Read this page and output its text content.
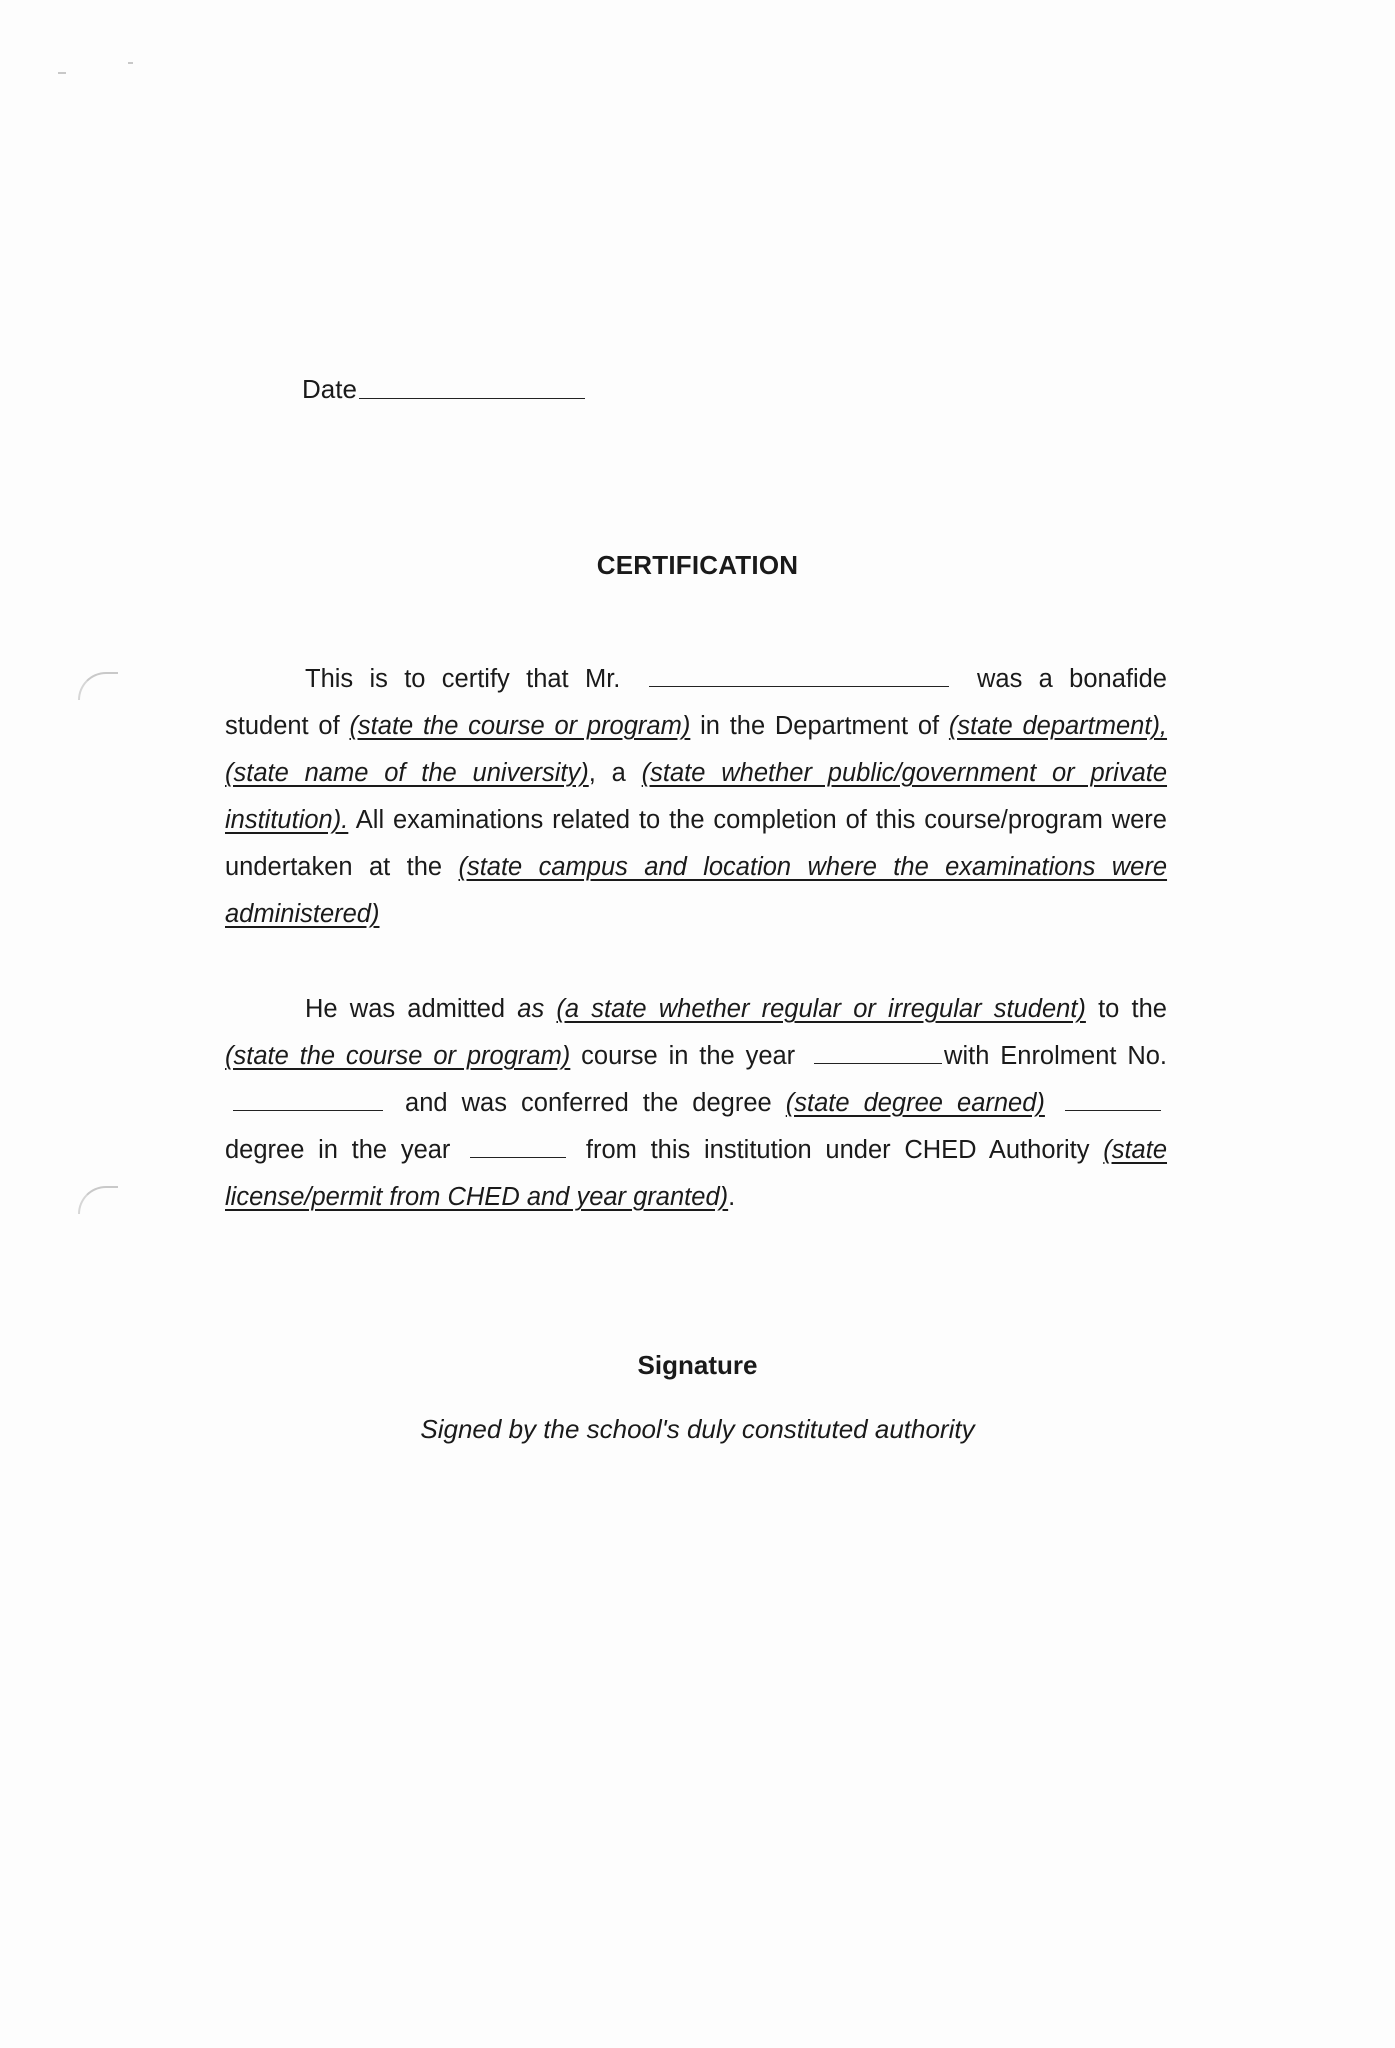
Date
CERTIFICATION
This is to certify that Mr.	was a bonafide student of (state the course or program) in the Department of (state department), (state name of the university), a (state whether public/government or private institution). All examinations related to the completion of this course/program were undertaken at the (state campus and location where the examinations were administered)
He was admitted as (a state whether regular or irregular student) to the (state the course or program) course in the year	with Enrolment No.  and was conferred the degree (state degree earned)  degree in the year	from this institution under CHED Authority (state license/permit from CHED and year granted).
Signature
Signed by the school's duly constituted authority
